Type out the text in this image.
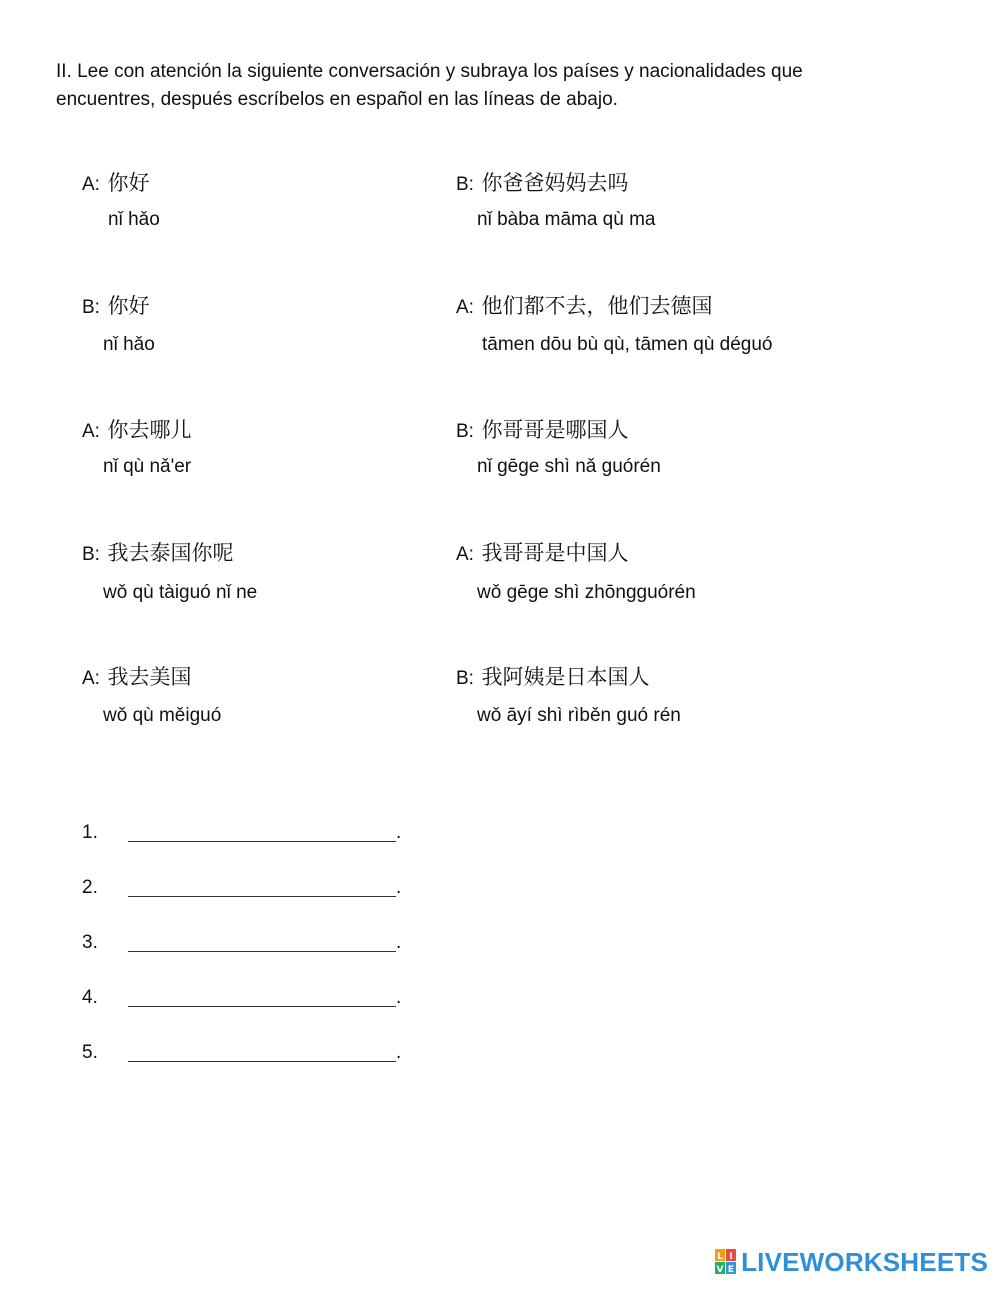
II. Lee con atención la siguiente conversación y subraya los países y nacionalidades que encuentres, después escríbelos en español en las líneas de abajo.
A: 你好
nǐ hǎo
B: 你好
nǐ hǎo
A: 你去哪儿
nǐ qù nǎ'er
B: 我去泰国你呢
wǒ qù tàiguó nǐ ne
A: 我去美国
wǒ qù měiguó
B: 你爸爸妈妈去吗
nǐ bàba māma qù ma
A: 他们都不去，他们去德国
tāmen dōu bù qù, tāmen qù déguó
B: 你哥哥是哪国人
nǐ gēge shì nǎ guórén
A: 我哥哥是中国人
wǒ gēge shì zhōngguórén
B: 我阿姨是日本国人
wǒ āyí shì rìběn guó rén
1.	.
2.	.
3.	.
4.	.
5.	.
L I
V E LIVEWORKSHEETS
